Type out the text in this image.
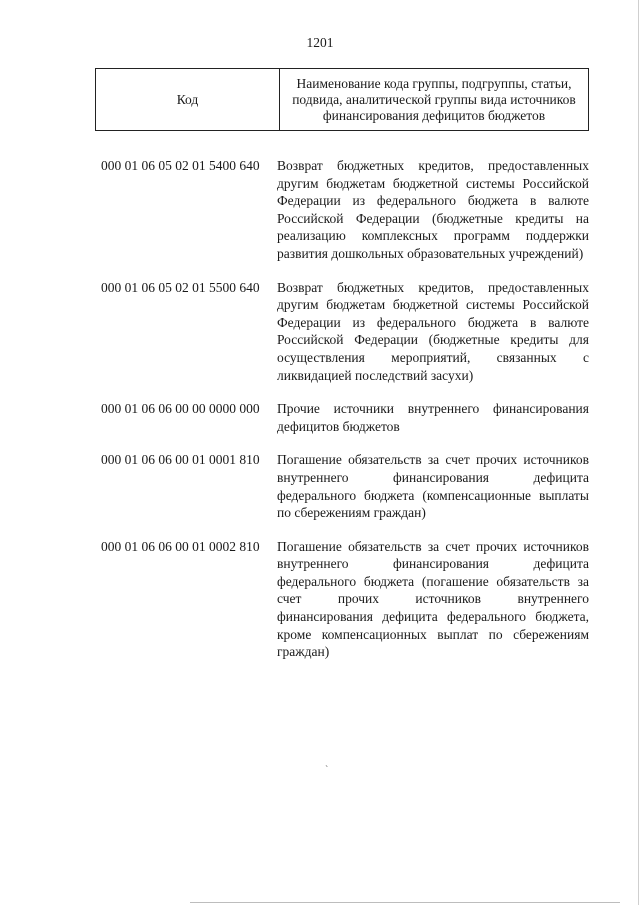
1201
Код	Наименование кода группы, подгруппы, статьи, подвида, аналитической группы вида источников финансирования дефицитов бюджетов
000 01 06 05 02 01 5400 640	Возврат бюджетных кредитов, предоставленных другим бюджетам бюджетной системы Российской Федерации из федерального бюджета в валюте Российской Федерации (бюджетные кредиты на реализацию комплексных программ поддержки развития дошкольных образовательных учреждений)
000 01 06 05 02 01 5500 640	Возврат бюджетных кредитов, предоставленных другим бюджетам бюджетной системы Российской Федерации из федерального бюджета в валюте Российской Федерации (бюджетные кредиты для осуществления мероприятий, связанных с ликвидацией последствий засухи)
000 01 06 06 00 00 0000 000	Прочие источники внутреннего финансирования дефицитов бюджетов
000 01 06 06 00 01 0001 810	Погашение обязательств за счет прочих источников внутреннего финансирования дефицита федерального бюджета (компенсационные выплаты по сбережениям граждан)
000 01 06 06 00 01 0002 810	Погашение обязательств за счет прочих источников внутреннего финансирования дефицита федерального бюджета (погашение обязательств за счет прочих источников внутреннего финансирования дефицита федерального бюджета, кроме компенсационных выплат по сбережениям граждан)
`
